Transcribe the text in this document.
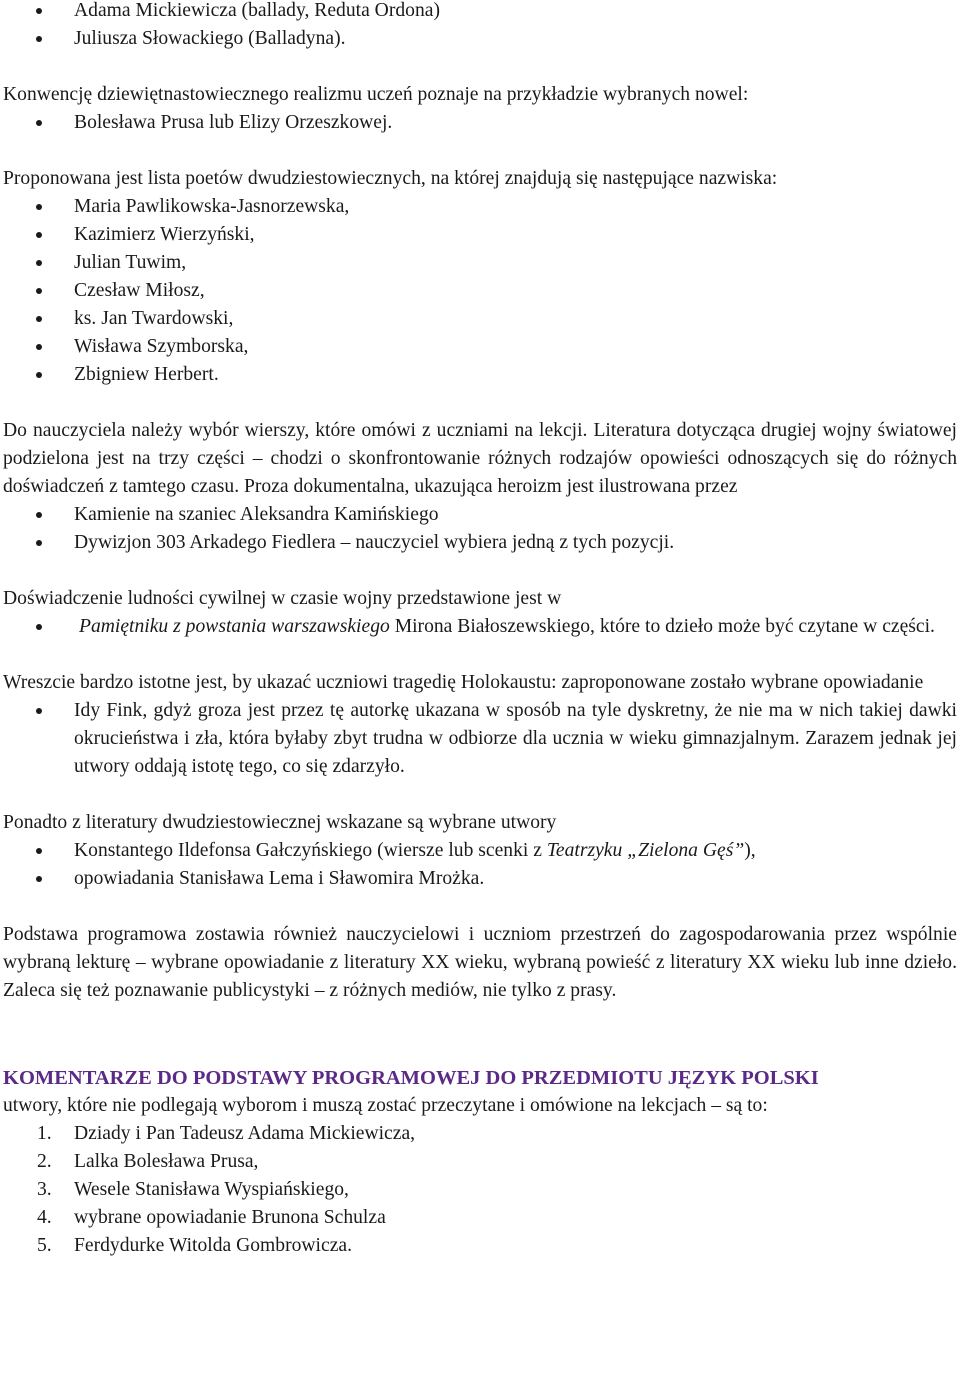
Adama Mickiewicza (ballady, Reduta Ordona)
Juliusza Słowackiego (Balladyna).

Konwencję dziewiętnastowiecznego realizmu uczeń poznaje na przykładzie wybranych nowel:

Bolesława Prusa lub Elizy Orzeszkowej.

Proponowana jest lista poetów dwudziestowiecznych, na której znajdują się następujące nazwiska:

Maria Pawlikowska-Jasnorzewska,
Kazimierz Wierzyński,
Julian Tuwim,
Czesław Miłosz,
ks. Jan Twardowski,
Wisława Szymborska,
Zbigniew Herbert.

Do nauczyciela należy wybór wierszy, które omówi z uczniami na lekcji. Literatura dotycząca drugiej wojny światowej podzielona jest na trzy części – chodzi o skonfrontowanie różnych rodzajów opowieści odnoszących się do różnych doświadczeń z tamtego czasu. Proza dokumentalna, ukazująca heroizm jest ilustrowana przez

Kamienie na szaniec Aleksandra Kamińskiego
Dywizjon 303 Arkadego Fiedlera – nauczyciel wybiera jedną z tych pozycji.

Doświadczenie ludności cywilnej w czasie wojny przedstawione jest w

Pamiętniku z powstania warszawskiego Mirona Białoszewskiego, które to dzieło może być czytane w części.

Wreszcie bardzo istotne jest, by ukazać uczniowi tragedię Holokaustu: zaproponowane zostało wybrane opowiadanie

Idy Fink, gdyż groza jest przez tę autorkę ukazana w sposób na tyle dyskretny, że nie ma w nich takiej dawki okrucieństwa i zła, która byłaby zbyt trudna w odbiorze dla ucznia w wieku gimnazjalnym. Zarazem jednak jej utwory oddają istotę tego, co się zdarzyło.

Ponadto z literatury dwudziestowiecznej wskazane są wybrane utwory

Konstantego Ildefonsa Gałczyńskiego (wiersze lub scenki z Teatrzyku „Zielona Gęś”),
opowiadania Stanisława Lema i Sławomira Mrożka.

Podstawa programowa zostawia również nauczycielowi i uczniom przestrzeń do zagospodarowania przez wspólnie wybraną lekturę – wybrane opowiadanie z literatury XX wieku, wybraną powieść z literatury XX wieku lub inne dzieło. Zaleca się też poznawanie publicystyki – z różnych mediów, nie tylko z prasy.

KOMENTARZE DO PODSTAWY PROGRAMOWEJ DO PRZEDMIOTU JĘZYK POLSKI

utwory, które nie podlegają wyborom i muszą zostać przeczytane i omówione na lekcjach – są to:

1. Dziady i Pan Tadeusz Adama Mickiewicza,
2. Lalka Bolesława Prusa,
3. Wesele Stanisława Wyspiańskiego,
4. wybrane opowiadanie Brunona Schulza
5. Ferdydurke Witolda Gombrowicza.
